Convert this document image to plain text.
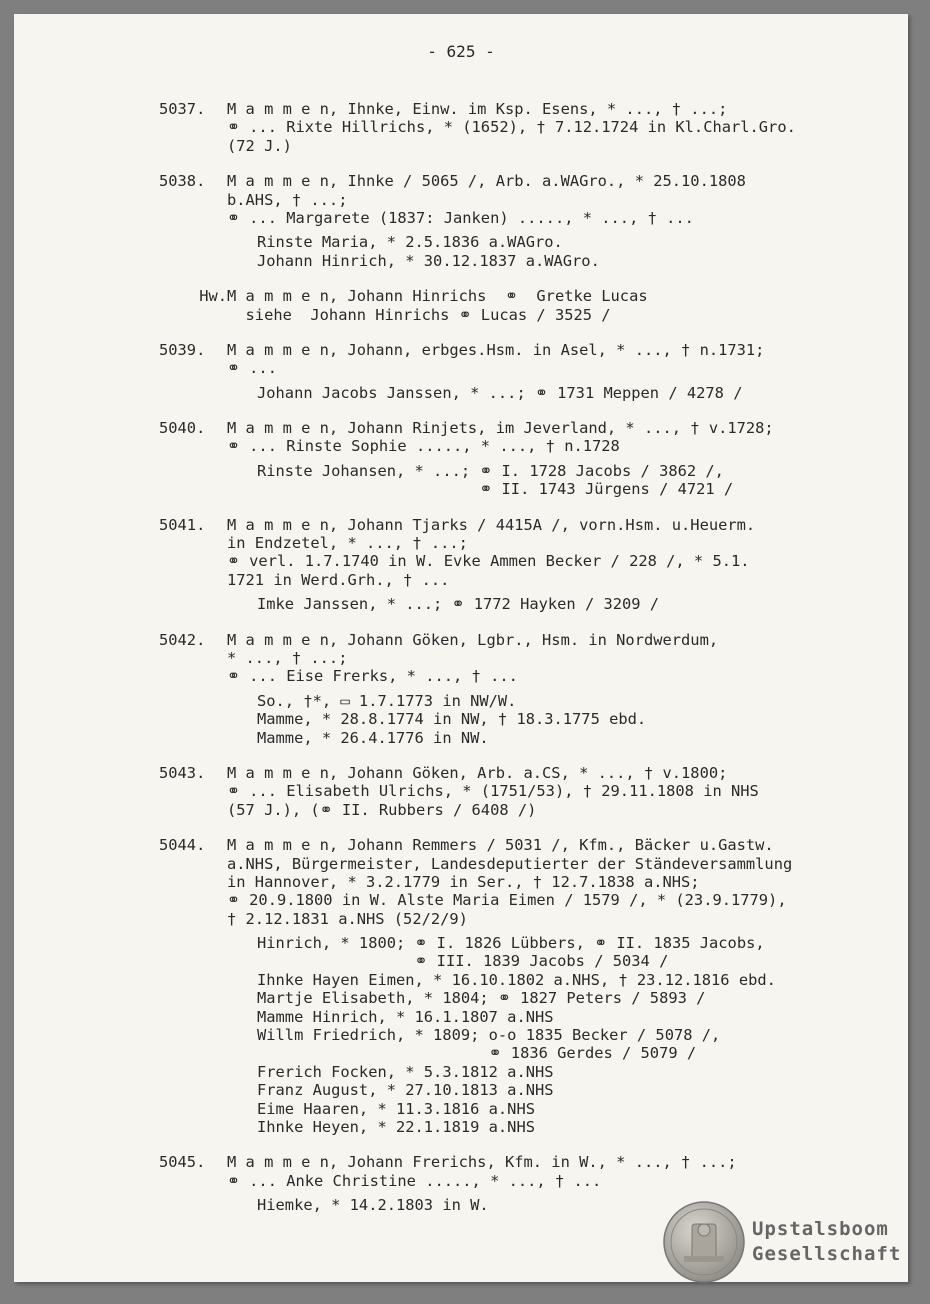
- 625 -
5037. M a m m e n, Ihnke, Einw. im Ksp. Esens, * ..., † ...;
⚭ ... Rixte Hillrichs, * (1652), † 7.12.1724 in Kl.Charl.Gro.
(72 J.)
5038. M a m m e n, Ihnke / 5065 /, Arb. a.WAGro., * 25.10.1808
b.AHS, † ...;
⚭ ... Margarete (1837: Janken) ....., * ..., † ...
Rinste Maria, * 2.5.1836 a.WAGro.
Johann Hinrich, * 30.12.1837 a.WAGro.
Hw.M a m m e n, Johann Hinrichs  ⚭  Gretke Lucas
siehe  Johann Hinrichs ⚭ Lucas / 3525 /
5039. M a m m e n, Johann, erbges.Hsm. in Asel, * ..., † n.1731;
⚭ ...
Johann Jacobs Janssen, * ...; ⚭ 1731 Meppen / 4278 /
5040. M a m m e n, Johann Rinjets, im Jeverland, * ..., † v.1728;
⚭ ... Rinste Sophie ....., * ..., † n.1728
Rinste Johansen, * ...; ⚭ I. 1728 Jacobs / 3862 /,
⚭ II. 1743 Jürgens / 4721 /
5041. M a m m e n, Johann Tjarks / 4415A /, vorn.Hsm. u.Heuerm.
in Endzetel, * ..., † ...;
⚭ verl. 1.7.1740 in W. Evke Ammen Becker / 228 /, * 5.1.
1721 in Werd.Grh., † ...
Imke Janssen, * ...; ⚭ 1772 Hayken / 3209 /
5042. M a m m e n, Johann Göken, Lgbr., Hsm. in Nordwerdum,
* ..., † ...;
⚭ ... Eise Frerks, * ..., † ...
So., †*, ▭ 1.7.1773 in NW/W.
Mamme, * 28.8.1774 in NW, † 18.3.1775 ebd.
Mamme, * 26.4.1776 in NW.
5043. M a m m e n, Johann Göken, Arb. a.CS, * ..., † v.1800;
⚭ ... Elisabeth Ulrichs, * (1751/53), † 29.11.1808 in NHS
(57 J.), (⚭ II. Rubbers / 6408 /)
5044. M a m m e n, Johann Remmers / 5031 /, Kfm., Bäcker u.Gastw.
a.NHS, Bürgermeister, Landesdeputierter der Ständeversammlung
in Hannover, * 3.2.1779 in Ser., † 12.7.1838 a.NHS;
⚭ 20.9.1800 in W. Alste Maria Eimen / 1579 /, * (23.9.1779),
† 2.12.1831 a.NHS (52/2/9)
Hinrich, * 1800; ⚭ I. 1826 Lübbers, ⚭ II. 1835 Jacobs,
⚭ III. 1839 Jacobs / 5034 /
Ihnke Hayen Eimen, * 16.10.1802 a.NHS, † 23.12.1816 ebd.
Martje Elisabeth, * 1804; ⚭ 1827 Peters / 5893 /
Mamme Hinrich, * 16.1.1807 a.NHS
Willm Friedrich, * 1809; o-o 1835 Becker / 5078 /,
⚭ 1836 Gerdes / 5079 /
Frerich Focken, * 5.3.1812 a.NHS
Franz August, * 27.10.1813 a.NHS
Eime Haaren, * 11.3.1816 a.NHS
Ihnke Heyen, * 22.1.1819 a.NHS
5045. M a m m e n, Johann Frerichs, Kfm. in W., * ..., † ...;
⚭ ... Anke Christine ....., * ..., † ...
Hiemke, * 14.2.1803 in W.
Upstalsboom
Gesellschaft
